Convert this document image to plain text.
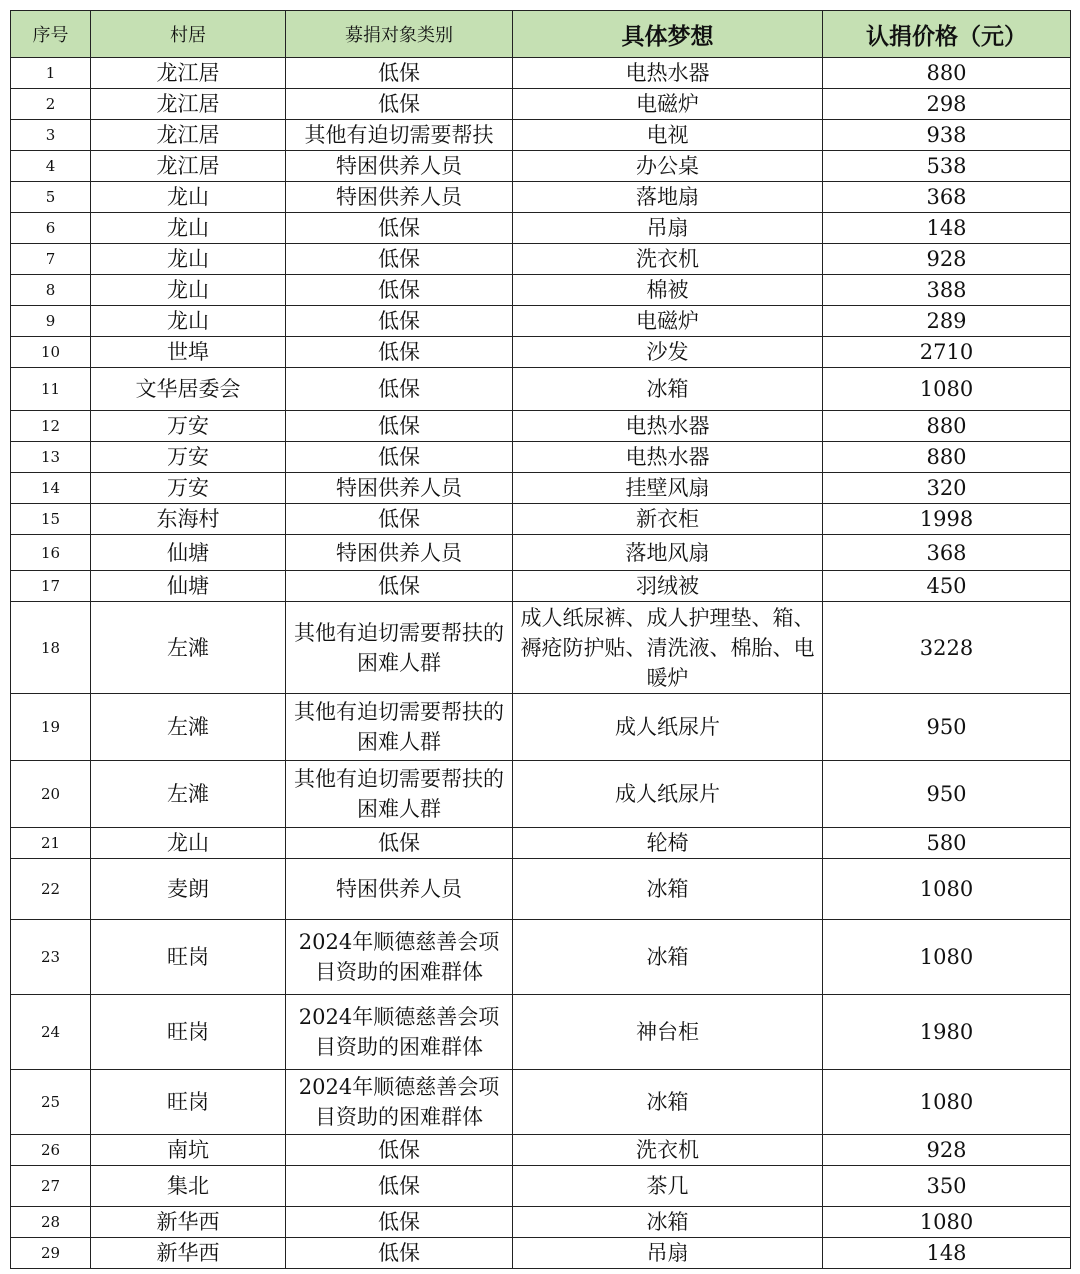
序号	村居	募捐对象类别	具体梦想	认捐价格（元）
1	龙江居	低保	电热水器	880
2	龙江居	低保	电磁炉	298
3	龙江居	其他有迫切需要帮扶	电视	938
4	龙江居	特困供养人员	办公桌	538
5	龙山	特困供养人员	落地扇	368
6	龙山	低保	吊扇	148
7	龙山	低保	洗衣机	928
8	龙山	低保	棉被	388
9	龙山	低保	电磁炉	289
10	世埠	低保	沙发	2710
11	文华居委会	低保	冰箱	1080
12	万安	低保	电热水器	880
13	万安	低保	电热水器	880
14	万安	特困供养人员	挂壁风扇	320
15	东海村	低保	新衣柜	1998
16	仙塘	特困供养人员	落地风扇	368
17	仙塘	低保	羽绒被	450
18	左滩	其他有迫切需要帮扶的困难人群	成人纸尿裤、成人护理垫、箱、褥疮防护贴、清洗液、棉胎、电暖炉	3228
19	左滩	其他有迫切需要帮扶的困难人群	成人纸尿片	950
20	左滩	其他有迫切需要帮扶的困难人群	成人纸尿片	950
21	龙山	低保	轮椅	580
22	麦朗	特困供养人员	冰箱	1080
23	旺岗	2024年顺德慈善会项目资助的困难群体	冰箱	1080
24	旺岗	2024年顺德慈善会项目资助的困难群体	神台柜	1980
25	旺岗	2024年顺德慈善会项目资助的困难群体	冰箱	1080
26	南坑	低保	洗衣机	928
27	集北	低保	茶几	350
28	新华西	低保	冰箱	1080
29	新华西	低保	吊扇	148
